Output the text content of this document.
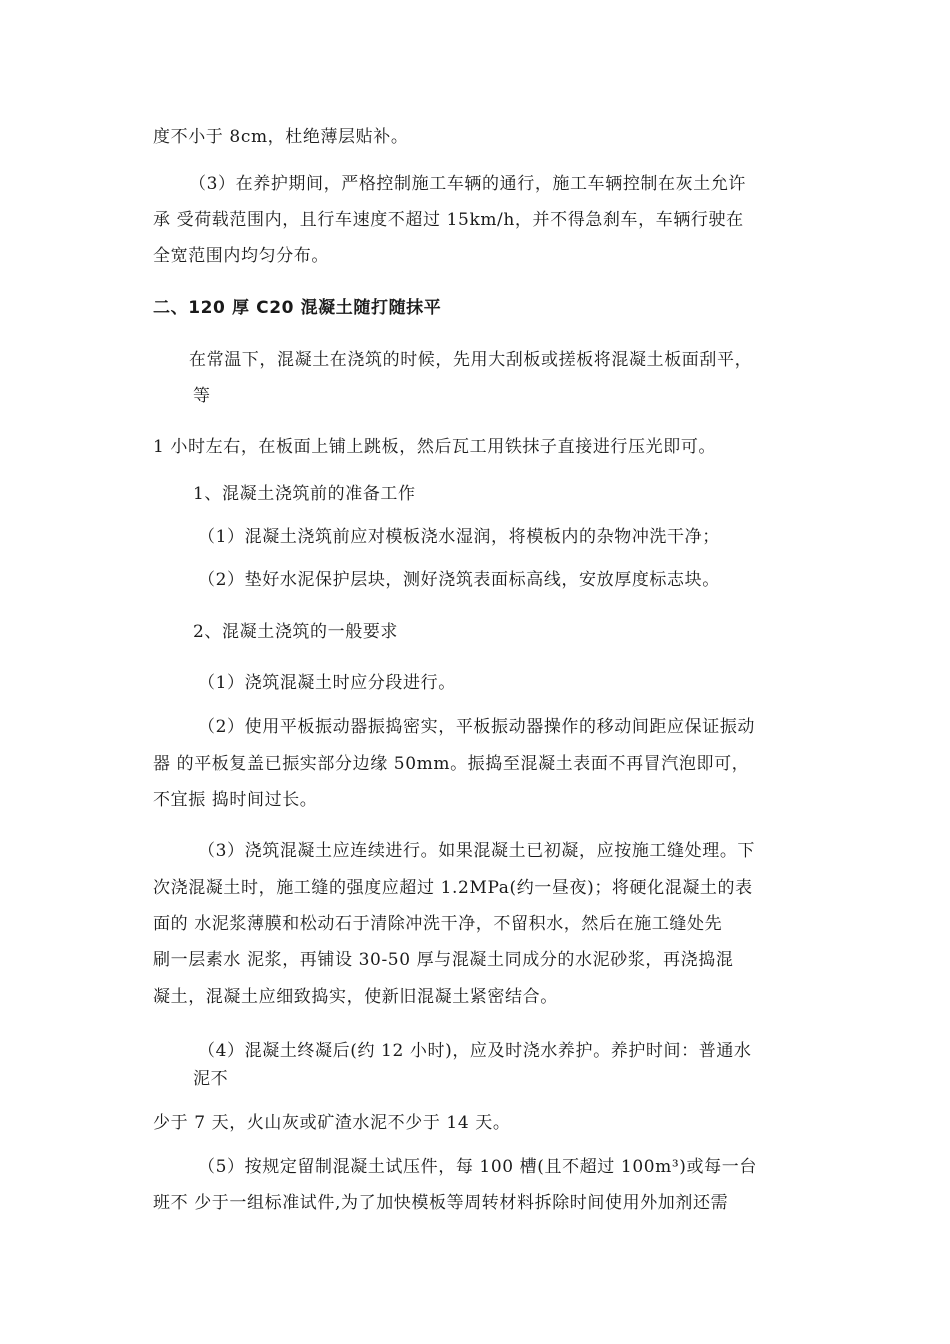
度不小于 8cm，杜绝薄层贴补。
（3）在养护期间，严格控制施工车辆的通行，施工车辆控制在灰土允许
承 受荷载范围内，且行车速度不超过 15km/h，并不得急刹车，车辆行驶在
全宽范围内均匀分布。
二、120 厚 C20 混凝土随打随抹平
在常温下，混凝土在浇筑的时候，先用大刮板或搓板将混凝土板面刮平，
等
1 小时左右，在板面上铺上跳板，然后瓦工用铁抹子直接进行压光即可。
1、混凝土浇筑前的准备工作
（1）混凝土浇筑前应对模板浇水湿润，将模板内的杂物冲洗干净；
（2）垫好水泥保护层块，测好浇筑表面标高线，安放厚度标志块。
2、混凝土浇筑的一般要求
（1）浇筑混凝土时应分段进行。
（2）使用平板振动器振捣密实，平板振动器操作的移动间距应保证振动
器 的平板复盖已振实部分边缘 50mm。振捣至混凝土表面不再冒汽泡即可，
不宜振 捣时间过长。
（3）浇筑混凝土应连续进行。如果混凝土已初凝，应按施工缝处理。下
次浇混凝土时，施工缝的强度应超过 1.2MPa(约一昼夜)；将硬化混凝土的表
面的 水泥浆薄膜和松动石于清除冲洗干净，不留积水，然后在施工缝处先
刷一层素水 泥浆，再铺设 30-50 厚与混凝土同成分的水泥砂浆，再浇捣混
凝土，混凝土应细致捣实，使新旧混凝土紧密结合。
（4）混凝土终凝后(约 12 小时)，应及时浇水养护。养护时间：普通水
泥不
少于 7 天，火山灰或矿渣水泥不少于 14 天。
（5）按规定留制混凝土试压件，每 100 槽(且不超过 100m³)或每一台
班不 少于一组标准试件,为了加快模板等周转材料拆除时间使用外加剂还需
